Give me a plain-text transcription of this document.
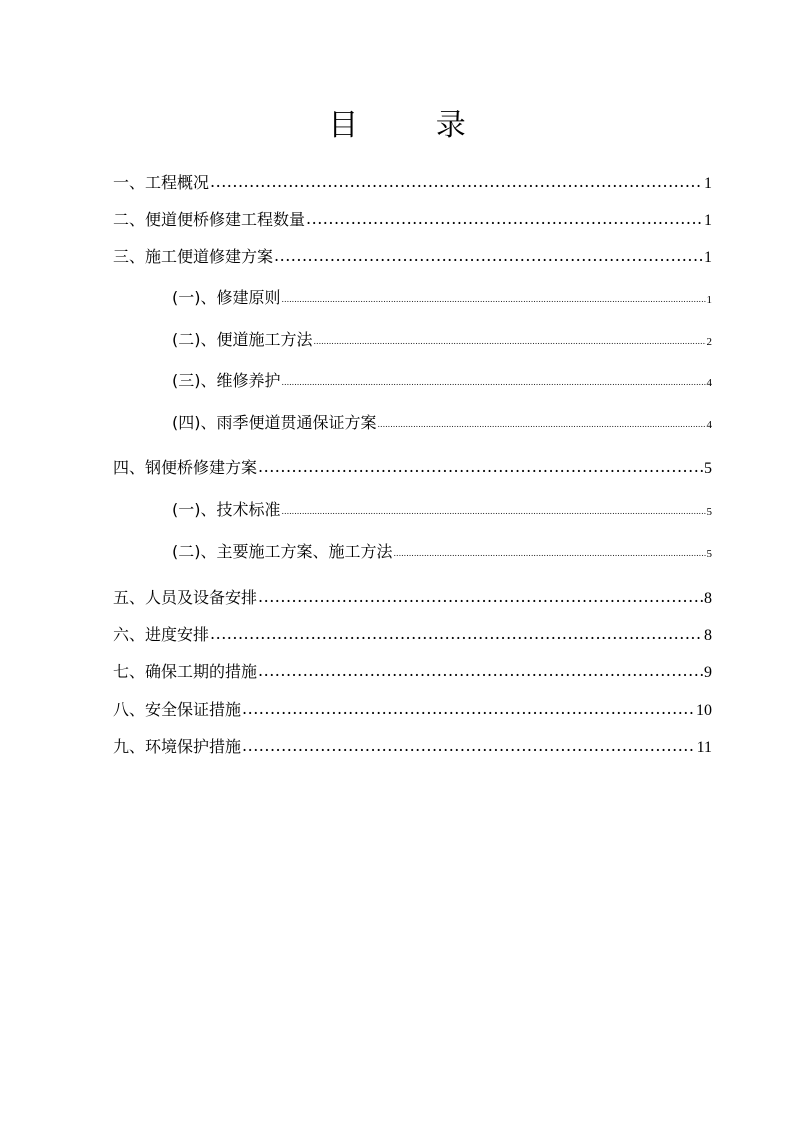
目 录
一、工程概况 .....	1
二、便道便桥修建工程数量 .....	1
三、施工便道修建方案 .....	1
(一)、修建原则 .....	1
(二)、便道施工方法 .....	2
(三)、维修养护 .....	4
(四)、雨季便道贯通保证方案 .....	4
四、钢便桥修建方案 .....	5
(一)、技术标准 .....	5
(二)、主要施工方案、施工方法 .....	5
五、人员及设备安排 .....	8
六、进度安排 .....	8
七、确保工期的措施 .....	9
八、安全保证措施 .....	10
九、环境保护措施 .....	11
